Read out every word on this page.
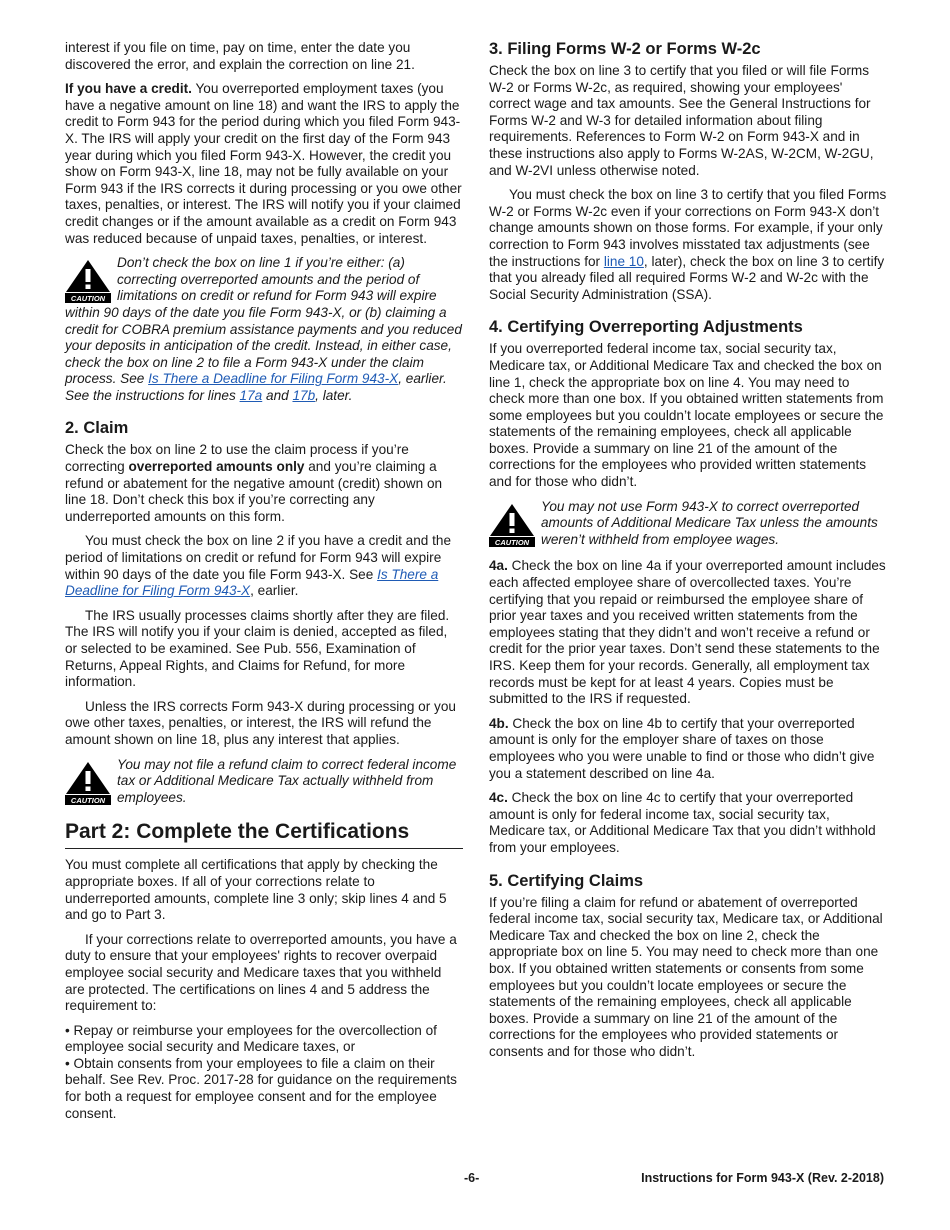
interest if you file on time, pay on time, enter the date you discovered the error, and explain the correction on line 21.

If you have a credit. You overreported employment taxes (you have a negative amount on line 18) and want the IRS to apply the credit to Form 943 for the period during which you filed Form 943-X. The IRS will apply your credit on the first day of the Form 943 year during which you filed Form 943-X. However, the credit you show on Form 943-X, line 18, may not be fully available on your Form 943 if the IRS corrects it during processing or you owe other taxes, penalties, or interest. The IRS will notify you if your claimed credit changes or if the amount available as a credit on Form 943 was reduced because of unpaid taxes, penalties, or interest.

CAUTION
Don’t check the box on line 1 if you’re either: (a) correcting overreported amounts and the period of limitations on credit or refund for Form 943 will expire within 90 days of the date you file Form 943-X, or (b) claiming a credit for COBRA premium assistance payments and you reduced your deposits in anticipation of the credit. Instead, in either case, check the box on line 2 to file a Form 943-X under the claim process. See Is There a Deadline for Filing Form 943-X, earlier. See the instructions for lines 17a and 17b, later.
2. Claim

Check the box on line 2 to use the claim process if you’re correcting overreported amounts only and you’re claiming a refund or abatement for the negative amount (credit) shown on line 18. Don’t check this box if you’re correcting any underreported amounts on this form.

You must check the box on line 2 if you have a credit and the period of limitations on credit or refund for Form 943 will expire within 90 days of the date you file Form 943-X. See Is There a Deadline for Filing Form 943-X, earlier.

The IRS usually processes claims shortly after they are filed. The IRS will notify you if your claim is denied, accepted as filed, or selected to be examined. See Pub. 556, Examination of Returns, Appeal Rights, and Claims for Refund, for more information.

Unless the IRS corrects Form 943-X during processing or you owe other taxes, penalties, or interest, the IRS will refund the amount shown on line 18, plus any interest that applies.

CAUTION
You may not file a refund claim to correct federal income tax or Additional Medicare Tax actually withheld from employees.
Part 2: Complete the Certifications

You must complete all certifications that apply by checking the appropriate boxes. If all of your corrections relate to underreported amounts, complete line 3 only; skip lines 4 and 5 and go to Part 3.

If your corrections relate to overreported amounts, you have a duty to ensure that your employees' rights to recover overpaid employee social security and Medicare taxes that you withheld are protected. The certifications on lines 4 and 5 address the requirement to:

• Repay or reimburse your employees for the overcollection of employee social security and Medicare taxes, or

• Obtain consents from your employees to file a claim on their behalf. See Rev. Proc. 2017-28 for guidance on the requirements for both a request for employee consent and for the employee consent.

3. Filing Forms W-2 or Forms W-2c

Check the box on line 3 to certify that you filed or will file Forms W-2 or Forms W-2c, as required, showing your employees' correct wage and tax amounts. See the General Instructions for Forms W-2 and W-3 for detailed information about filing requirements. References to Form W-2 on Form 943-X and in these instructions also apply to Forms W-2AS, W-2CM, W-2GU, and W-2VI unless otherwise noted.

You must check the box on line 3 to certify that you filed Forms W-2 or Forms W-2c even if your corrections on Form 943-X don’t change amounts shown on those forms. For example, if your only correction to Form 943 involves misstated tax adjustments (see the instructions for line 10, later), check the box on line 3 to certify that you already filed all required Forms W-2 and W-2c with the Social Security Administration (SSA).

4. Certifying Overreporting Adjustments

If you overreported federal income tax, social security tax, Medicare tax, or Additional Medicare Tax and checked the box on line 1, check the appropriate box on line 4. You may need to check more than one box. If you obtained written statements from some employees but you couldn’t locate employees or secure the statements of the remaining employees, check all applicable boxes. Provide a summary on line 21 of the amount of the corrections for the employees who provided written statements and for those who didn’t.

CAUTION
You may not use Form 943-X to correct overreported amounts of Additional Medicare Tax unless the amounts weren’t withheld from employee wages.

4a. Check the box on line 4a if your overreported amount includes each affected employee share of overcollected taxes. You’re certifying that you repaid or reimbursed the employee share of prior year taxes and you received written statements from the employees stating that they didn’t and won’t receive a refund or credit for the prior year taxes. Don’t send these statements to the IRS. Keep them for your records. Generally, all employment tax records must be kept for at least 4 years. Copies must be submitted to the IRS if requested.

4b. Check the box on line 4b to certify that your overreported amount is only for the employer share of taxes on those employees who you were unable to find or those who didn’t give you a statement described on line 4a.

4c. Check the box on line 4c to certify that your overreported amount is only for federal income tax, social security tax, Medicare tax, or Additional Medicare Tax that you didn’t withhold from your employees.

5. Certifying Claims

If you’re filing a claim for refund or abatement of overreported federal income tax, social security tax, Medicare tax, or Additional Medicare Tax and checked the box on line 2, check the appropriate box on line 5. You may need to check more than one box. If you obtained written statements or consents from some employees but you couldn’t locate employees or secure the statements of the remaining employees, check all applicable boxes. Provide a summary on line 21 of the amount of the corrections for the employees who provided statements or consents and for those who didn’t.

-6-	Instructions for Form 943-X (Rev. 2-2018)
